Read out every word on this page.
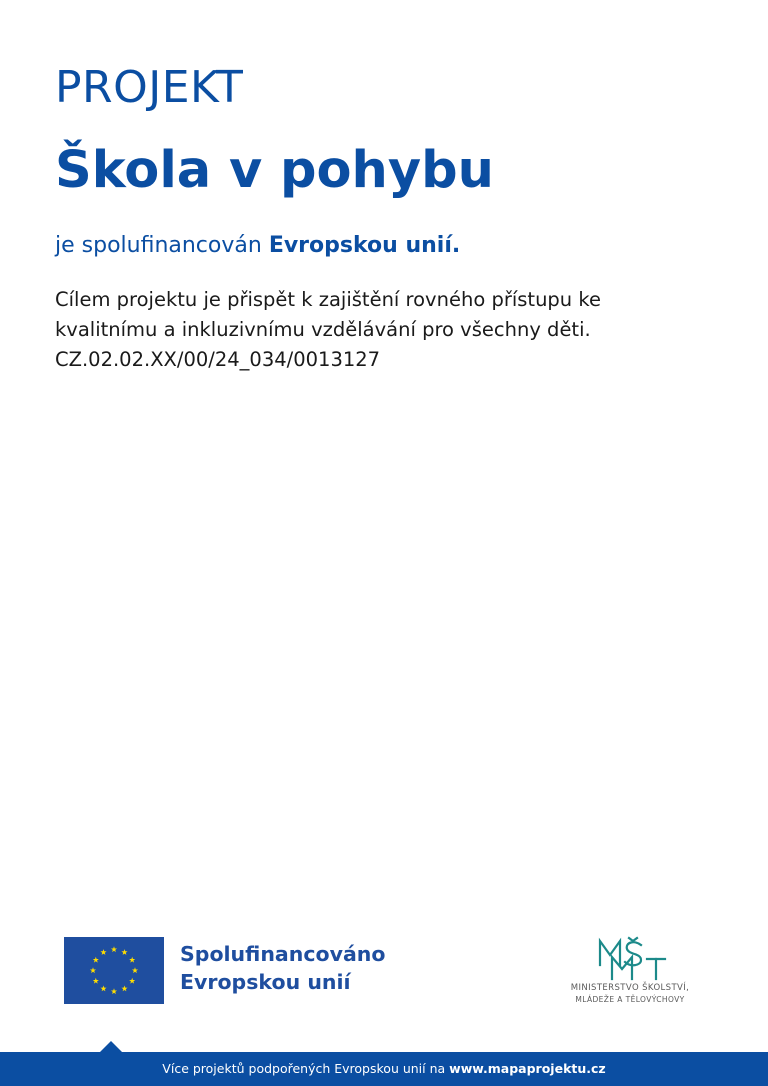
PROJEKT
Škola v pohybu
je spolufinancován Evropskou unií.
Cílem projektu je přispět k zajištění rovného přístupu ke
kvalitnímu a inkluzivnímu vzdělávání pro všechny děti.
CZ.02.02.XX/00/24_034/0013127
Spolufinancováno
Evropskou unií	MINISTERSTVO ŠKOLSTVÍ,
MLÁDEŽE A TĚLOVÝCHOVY
Více projektů podpořených Evropskou unií na www.mapaprojektu.cz
